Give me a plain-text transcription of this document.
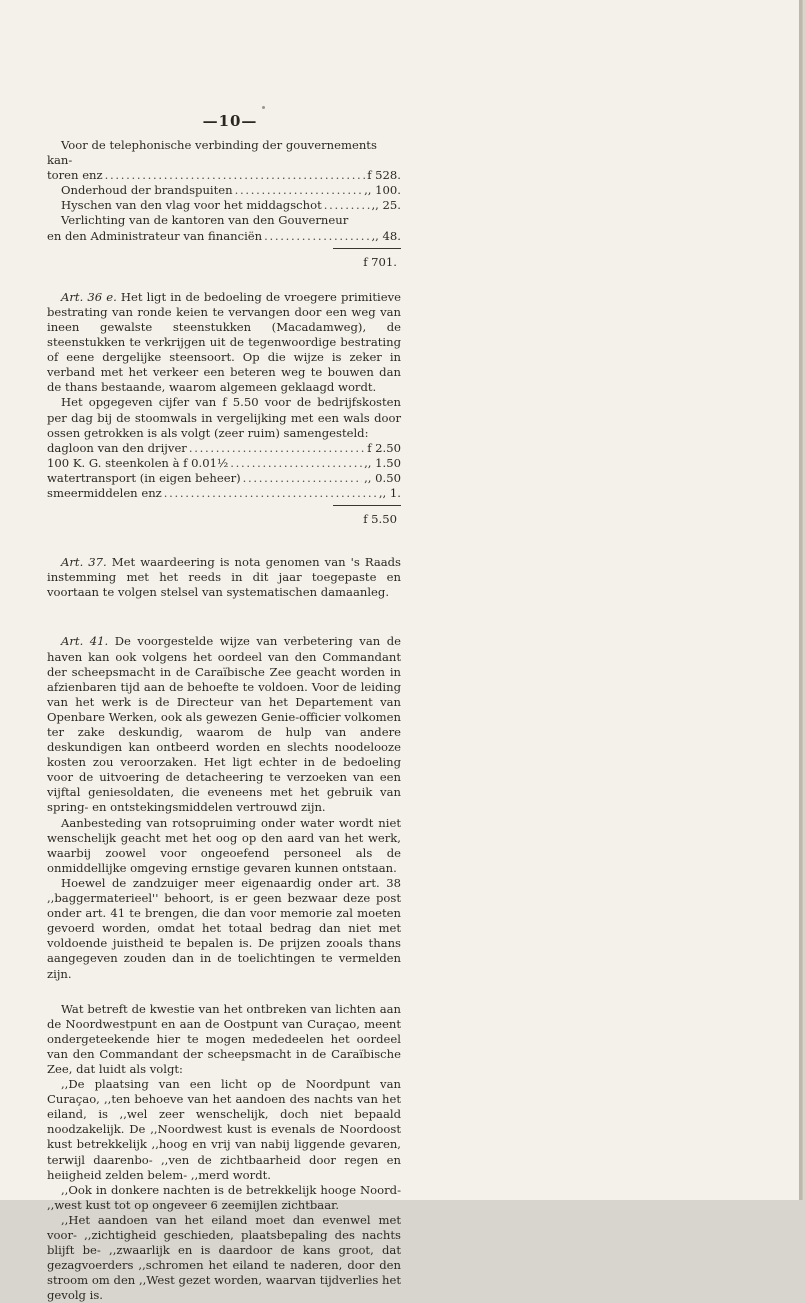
—10—
Voor de telephonische verbinding der gouvernements kan-
toren enz . . .	f 528.
Onderhoud der brandspuiten . . .	,, 100.
Hyschen van den vlag voor het middagschot . . .	,, 25.
Verlichting van de kantoren van den Gouverneur
en den Administrateur van financiën . . .	,, 48.
f 701.

Art. 36 e. Het ligt in de bedoeling de vroegere primitieve bestrating van ronde keien te vervangen door een weg van ineen gewalste steenstukken (Macadamweg), de steenstukken te verkrijgen uit de tegenwoordige bestrating of eene dergelijke steensoort. Op die wijze is zeker in verband met het verkeer een beteren weg te bouwen dan de thans bestaande, waarom algemeen geklaagd wordt.

Het opgegeven cijfer van f 5.50 voor de bedrijfskosten per dag bij de stoomwals in vergelijking met een wals door ossen getrokken is als volgt (zeer ruim) samengesteld:

dagloon van den drijver . . .	f 2.50
100 K. G. steenkolen à f 0.01½ . . .	,, 1.50
watertransport (in eigen beheer) . . .	,, 0.50
smeermiddelen enz . . .	,, 1.
f 5.50

Art. 37. Met waardeering is nota genomen van 's Raads instemming met het reeds in dit jaar toegepaste en voortaan te volgen stelsel van systematischen damaanleg.

Art. 41. De voorgestelde wijze van verbetering van de haven kan ook volgens het oordeel van den Commandant der scheepsmacht in de Caraïbische Zee geacht worden in afzienbaren tijd aan de behoefte te voldoen. Voor de leiding van het werk is de Directeur van het Departement van Openbare Werken, ook als gewezen Genie-officier volkomen ter zake deskundig, waarom de hulp van andere deskundigen kan ontbeerd worden en slechts noodelooze kosten zou veroorzaken. Het ligt echter in de bedoeling voor de uitvoering de detacheering te verzoeken van een vijftal geniesoldaten, die eveneens met het gebruik van spring- en ontstekingsmiddelen vertrouwd zijn.

Aanbesteding van rotsopruiming onder water wordt niet wenschelijk geacht met het oog op den aard van het werk, waarbij zoowel voor ongeoefend personeel als de onmiddellijke omgeving ernstige gevaren kunnen ontstaan.

Hoewel de zandzuiger meer eigenaardig onder art. 38 ,,baggermaterieel'' behoort, is er geen bezwaar deze post onder art. 41 te brengen, die dan voor memorie zal moeten gevoerd worden, omdat het totaal bedrag dan niet met voldoende juistheid te bepalen is. De prijzen zooals thans aangegeven zouden dan in de toelichtingen te vermelden zijn.

Wat betreft de kwestie van het ontbreken van lichten aan de Noordwestpunt en aan de Oostpunt van Curaçao, meent ondergeteekende hier te mogen mededeelen het oordeel van den Commandant der scheepsmacht in de Caraïbische Zee, dat luidt als volgt:

,,De plaatsing van een licht op de Noordpunt van Curaçao, ,,ten behoeve van het aandoen des nachts van het eiland, is ,,wel zeer wenschelijk, doch niet bepaald noodzakelijk. De ,,Noordwest kust is evenals de Noordoost kust betrekkelijk ,,hoog en vrij van nabij liggende gevaren, terwijl daarenbo- ,,ven de zichtbaarheid door regen en heiigheid zelden belem- ,,merd wordt.

,,Ook in donkere nachten is de betrekkelijk hooge Noord- ,,west kust tot op ongeveer 6 zeemijlen zichtbaar.

,,Het aandoen van het eiland moet dan evenwel met voor- ,,zichtigheid geschieden, plaatsbepaling des nachts blijft be- ,,zwaarlijk en is daardoor de kans groot, dat gezagvoerders ,,schromen het eiland te naderen, door den stroom om den ,,West gezet worden, waarvan tijdverlies het gevolg is.
